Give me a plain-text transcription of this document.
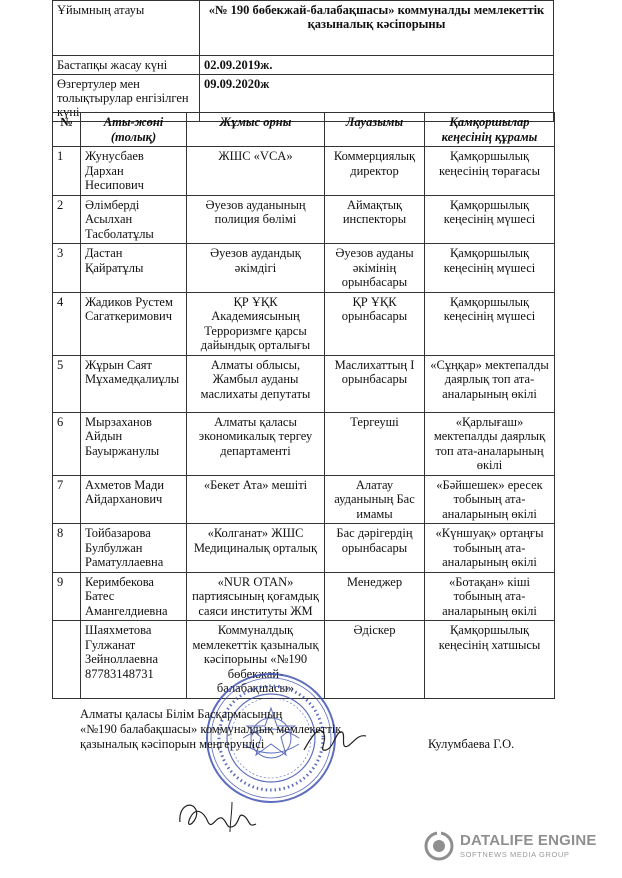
Ұйымның атауы	«№ 190 бөбекжай-балабақшасы» коммуналды мемлекеттік қазыналық кәсіпорыны

Бастапқы жасау күні	02.09.2019ж.
Өзгертулер мен толықтырулар енгізілген күні	09.09.2020ж
№	Аты-жөні (толық)	Жұмыс орны	Лауазымы	Қамқоршылар кеңесінің құрамы
1	Жунусбаев Дархан Несипович	ЖШС «VCA»	Коммерциялық директор	Қамқоршылық кеңесінің төрағасы
2	Әлімберді Асылхан Тасболатұлы	Әуезов ауданының полиция бөлімі	Аймақтық инспекторы	Қамқоршылық кеңесінің мүшесі
3	Дастан Қайратұлы	Әуезов аудандық әкімдігі	Әуезов ауданы әкімінің орынбасары	Қамқоршылық кеңесінің мүшесі
4	Жадиков Рустем Сагаткеримович	ҚР ҰҚК Академиясының Терроризмге қарсы дайындық орталығы	ҚР ҰҚК орынбасары	Қамқоршылық кеңесінің мүшесі
5	Жұрын Саят Мұхамедқалиұлы	Алматы облысы, Жамбыл ауданы маслихаты депутаты	Маслихаттың I орынбасары	«Сұңқар» мектепалды даярлық топ ата-аналарының өкілі
6	Мырзаханов Айдын Бауыржанулы	Алматы қаласы экономикалық тергеу департаменті	Тергеуші	«Қарлығаш» мектепалды даярлық топ ата-аналарының өкілі
7	Ахметов Мади Айдарханович	«Бекет Ата» мешіті	Алатау ауданының Бас имамы	«Бәйшешек» ересек тобының ата-аналарының өкілі
8	Тойбазарова Булбулжан Раматуллаевна	«Колганат» ЖШС Медициналық орталық	Бас дәрігердің орынбасары	«Күншуақ» ортаңғы тобының ата-аналарының өкілі
9	Керимбекова Батес Амангелдиевна	«NUR OTAN» партиясының қоғамдық саяси институты ЖМ	Менеджер	«Ботақан» кіші тобының ата-аналарының өкілі
	Шаяхметова Гулжанат Зейноллаевна 87783148731	Коммуналдық мемлекеттік қазыналық кәсіпорыны «№190 бөбекжай-балабақшасы»	Әдіскер	Қамқоршылық кеңесінің хатшысы
Алматы қаласы Білім Басқармасының
«№190 балабақшасы» коммуналдық мемлекеттік
қазыналық кәсіпорын меңгерушісі	Кулумбаева Г.О.
DATALIFE ENGINE
SOFTNEWS MEDIA GROUP
